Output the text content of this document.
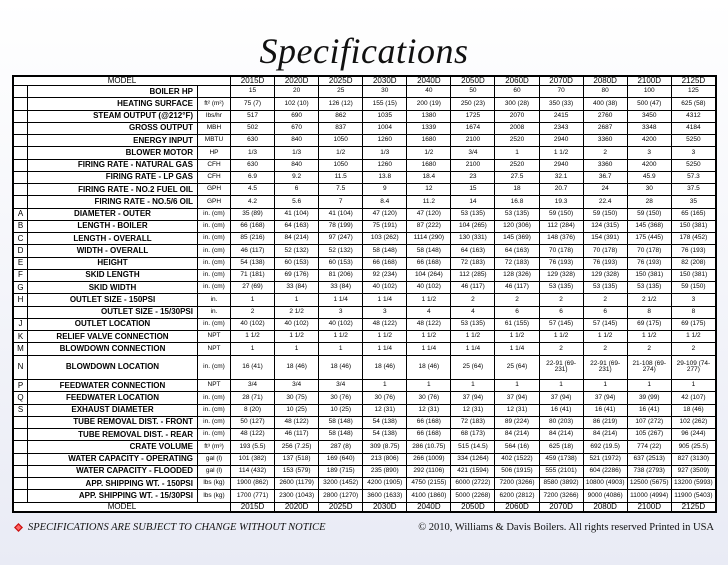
Specifications
MODEL			2015D	2020D	2025D	2030D	2040D	2050D	2060D	2070D	2080D	2100D	2125D
	BOILER HP		15	20	25	30	40	50	60	70	80	100	125
	HEATING SURFACE	ft² (m²)	75 (7)	102 (10)	126 (12)	155 (15)	200 (19)	250 (23)	300 (28)	350 (33)	400 (38)	500 (47)	625 (58)
	STEAM OUTPUT (@212°F)	lbs/hr	517	690	862	1035	1380	1725	2070	2415	2760	3450	4312
	GROSS OUTPUT	MBH	502	670	837	1004	1339	1674	2008	2343	2687	3348	4184
	ENERGY INPUT	MBTU	630	840	1050	1260	1680	2100	2520	2940	3360	4200	5250
	BLOWER MOTOR	HP	1/3	1/3	1/2	1/3	1/2	3/4	1	1 1/2	2	3	3
	FIRING RATE - NATURAL GAS	CFH	630	840	1050	1260	1680	2100	2520	2940	3360	4200	5250
	FIRING RATE - LP GAS	CFH	6.9	9.2	11.5	13.8	18.4	23	27.5	32.1	36.7	45.9	57.3
	FIRING RATE - NO.2 FUEL OIL	GPH	4.5	6	7.5	9	12	15	18	20.7	24	30	37.5
	FIRING RATE - NO.5/6 OIL	GPH	4.2	5.6	7	8.4	11.2	14	16.8	19.3	22.4	28	35
A	DIAMETER - OUTER	in. (cm)	35 (89)	41 (104)	41 (104)	47 (120)	47 (120)	53 (135)	53 (135)	59 (150)	59 (150)	59 (150)	65 (165)
B	LENGTH - BOILER	in. (cm)	66 (168)	64 (163)	78 (199)	75 (191)	87 (222)	104 (265)	120 (306)	112 (284)	124 (315)	145 (368)	150 (381)
C	LENGTH - OVERALL	in. (cm)	85 (216)	84 (214)	97 (247)	103 (262)	1114 (290)	130 (331)	145 (369)	148 (376)	154 (391)	175 (445)	178 (452)
D	WIDTH - OVERALL	in. (cm)	46 (117)	52 (132)	52 (132)	58 (148)	58 (148)	64 (163)	64 (163)	70 (178)	70 (178)	70 (178)	76 (193)
E	HEIGHT	in. (cm)	54 (138)	60 (153)	60 (153)	66 (168)	66 (168)	72 (183)	72 (183)	76 (193)	76 (193)	76 (193)	82 (208)
F	SKID LENGTH	in. (cm)	71 (181)	69 (176)	81 (206)	92 (234)	104 (264)	112 (285)	128 (326)	129 (328)	129 (328)	150 (381)	150 (381)
G	SKID WIDTH	in. (cm)	27 (69)	33 (84)	33 (84)	40 (102)	40 (102)	46 (117)	46 (117)	53 (135)	53 (135)	53 (135)	59 (150)
H	OUTLET SIZE - 150PSI	in.	1	1	1 1/4	1 1/4	1 1/2	2	2	2	2	2 1/2	3
	OUTLET SIZE - 15/30PSI	in.	2	2 1/2	3	3	4	4	6	6	6	8	8
J	OUTLET LOCATION	in. (cm)	40 (102)	40 (102)	40 (102)	48 (122)	48 (122)	53 (135)	61 (155)	57 (145)	57 (145)	69 (175)	69 (175)
K	RELIEF VALVE CONNECTION	NPT	1 1/2	1 1/2	1 1/2	1 1/2	1 1/2	1 1/2	1 1/2	1 1/2	1 1/2	1 1/2	1 1/2
M	BLOWDOWN CONNECTION	NPT	1	1	1	1 1/4	1 1/4	1 1/4	1 1/4	2	2	2	2
N	BLOWDOWN LOCATION	in. (cm)	16 (41)	18 (46)	18 (46)	18 (46)	18 (46)	25 (64)	25 (64)	22-91 (69-231)	22-91 (69-231)	21-108 (69-274)	29-109 (74-277)
P	FEEDWATER CONNECTION	NPT	3/4	3/4	3/4	1	1	1	1	1	1	1	1
Q	FEEDWATER LOCATION	in. (cm)	28 (71)	30 (75)	30 (76)	30 (76)	30 (76)	37 (94)	37 (94)	37 (94)	37 (94)	39 (99)	42 (107)
S	EXHAUST DIAMETER	in. (cm)	8 (20)	10 (25)	10 (25)	12 (31)	12 (31)	12 (31)	12 (31)	16 (41)	16 (41)	16 (41)	18 (46)
	TUBE REMOVAL DIST. - FRONT	in. (cm)	50 (127)	48 (122)	58 (148)	54 (138)	66 (168)	72 (183)	89 (224)	80 (203)	86 (219)	107 (272)	102 (262)
	TUBE REMOVAL DIST. - REAR	in. (cm)	48 (122)	46 (117)	58 (148)	54 (138)	66 (168)	68 (173)	84 (214)	84 (214)	84 (214)	105 (267)	96 (244)
	CRATE VOLUME	ft³ (m³)	193 (5.5)	256 (7.25)	287 (8)	309 (8.75)	286 (10.75)	515 (14.5)	564 (16)	625 (18)	692 (19.5)	774 (22)	905 (25.5)
	WATER CAPACITY - OPERATING	gal (l)	101 (382)	137 (518)	169 (640)	213 (806)	266 (1009)	334 (1264)	402 (1522)	459 (1738)	521 (1972)	637 (2513)	827 (3130)
	WATER CAPACITY - FLOODED	gal (l)	114 (432)	153 (579)	189 (715)	235 (890)	292 (1106)	421 (1594)	506 (1915)	555 (2101)	604 (2286)	738 (2793)	927 (3509)
	APP. SHIPPING WT. - 150PSI	lbs (kg)	1900 (862)	2600 (1179)	3200 (1452)	4200 (1905)	4750 (2155)	6000 (2722)	7200 (3266)	8580 (3892)	10800 (4903)	12500 (5675)	13200 (5993)
	APP. SHIPPING WT. - 15/30PSI	lbs (kg)	1700 (771)	2300 (1043)	2800 (1270)	3600 (1633)	4100 (1860)	5000 (2268)	6200 (2812)	7200 (3266)	9000 (4086)	11000 (4994)	11900 (5403)
MODEL			2015D	2020D	2025D	2030D	2040D	2050D	2060D	2070D	2080D	2100D	2125D
SPECIFICATIONS ARE SUBJECT TO CHANGE WITHOUT NOTICE	© 2010, Williams & Davis Boilers. All rights reserved Printed in USA
